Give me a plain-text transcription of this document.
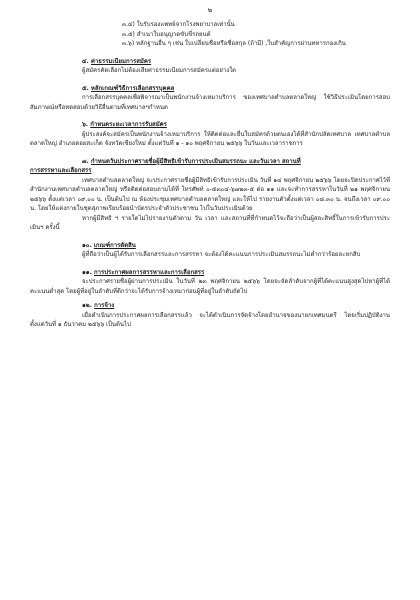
๒

๓.๔) ใบรับรองแพทย์จากโรงพยาบาลเท่านั้น

๓.๕) สำเนาใบอนุญาตขับขี่รถยนต์

๓.๖) หลักฐานอื่น ๆ เช่น ใบเปลี่ยนชื่อหรือชื่อสกุล (ถ้ามี) ,ใบสำคัญการผ่านทหารกองเกิน

๔. ค่าธรรมเนียมการสมัคร

ผู้สมัครคัดเลือกไม่ต้องเสียค่าธรรมเนียมการสมัครแต่อย่างใด

๕. หลักเกณฑ์วิธีการเลือกสรรบุคคล

การเลือกสรรบุคคลเพื่อพิจารณาเป็นพนักงานจ้างเหมาบริการ ของเทศบาลตำบลตลาดใหญ่ ใช้วิธีประเมินโดยการสอบสัมภาษณ์หรือทดสอบด้วยวิธีอื่นตามที่เทศบาลฯกำหนด

๖. กำหนดระยะเวลาการรับสมัคร

ผู้ประสงค์จะสมัครเป็นพนักงานจ้างเหมาบริการ ให้ติดต่อและยื่นใบสมัครด้วยตนเองได้ที่สำนักปลัดเทศบาล เทศบาลตำบลตลาดใหญ่ อำเภอดอยสะเก็ด จังหวัดเชียงใหม่ ตั้งแต่วันที่ ๑ - ๑๐ พฤศจิกายน ๒๕๖๖ ในวันและเวลาราชการ

๗. กำหนดวันประกาศรายชื่อผู้มีสิทธิเข้ารับการประเมินสมรรถนะ และวันเวลา สถานที่

การสรรหาและเลือกสรร

เทศบาลตำบลตลาดใหญ่ จะประกาศรายชื่อผู้มีสิทธิเข้ารับการประเมิน วันที่ ๑๔ พฤศจิกายน ๒๕๖๖ โดยจะปิดประกาศไว้ที่สำนักงานเทศบาลตำบลตลาดใหญ่ หรือติดต่อสอบถามได้ที่ โทรศัพท์ ๐-๕๓๐๔-๖๗๒๓-๕ ต่อ ๑๑ และจะทำการสรรหาในวันที่ ๒๑ พฤศจิกายน ๒๕๖๖ ตั้งแต่เวลา ๐๙.๐๐ น. เป็นต้นไป ณ ห้องประชุมเทศบาลตำบลตลาดใหญ่ และให้ไป รายงานตัวตั้งแต่เวลา ๐๘.๓๐ น. จนถึงเวลา ๐๙.๐๐ น. โดยให้แต่งกายในชุดสุภาพเรียบร้อยนำบัตรประจำตัวประชาชน ไปในวันประเมินด้วย

หากผู้มีสิทธิ ฯ รายใดไม่ไปรายงานตัวตาม วัน เวลา และสถานที่ที่กำหนดไว้จะถือว่าเป็นผู้สละสิทธิ์ในการเข้ารับการประเมินฯ ครั้งนี้

๑๐. เกณฑ์การตัดสิน

ผู้ที่ถือว่าเป็นผู้ได้รับการเลือกสรรและการสรรหา จะต้องได้คะแนนการประเมินสมรรถนะไม่ต่ำกว่าร้อยละหกสิบ

๑๑. การประกาศผลการสรรหาและการเลือกสรร

จะประกาศรายชื่อผู้ผ่านการประเมิน ในวันที่ ๒๓ พฤศจิกายน ๒๕๖๖ โดยจะจัดลำดับจากผู้ที่ได้คะแนนสูงสุดไปหาผู้ที่ได้คะแนนต่ำสุด โดยผู้ที่อยู่ในลำดับที่ดีกว่าจะได้รับการจ้างเหมาก่อนผู้ที่อยู่ในลำดับถัดไป

๑๒. การจ้าง

เมื่อดำเนินการประกาศผลการเลือกสรรแล้ว จะได้ดำเนินการจัดจ้างโดยอำนาจของนายกเทศมนตรี โดยเริ่มปฏิบัติงานตั้งแต่วันที่ ๑ ธันวาคม ๒๕๖๖ เป็นต้นไป
